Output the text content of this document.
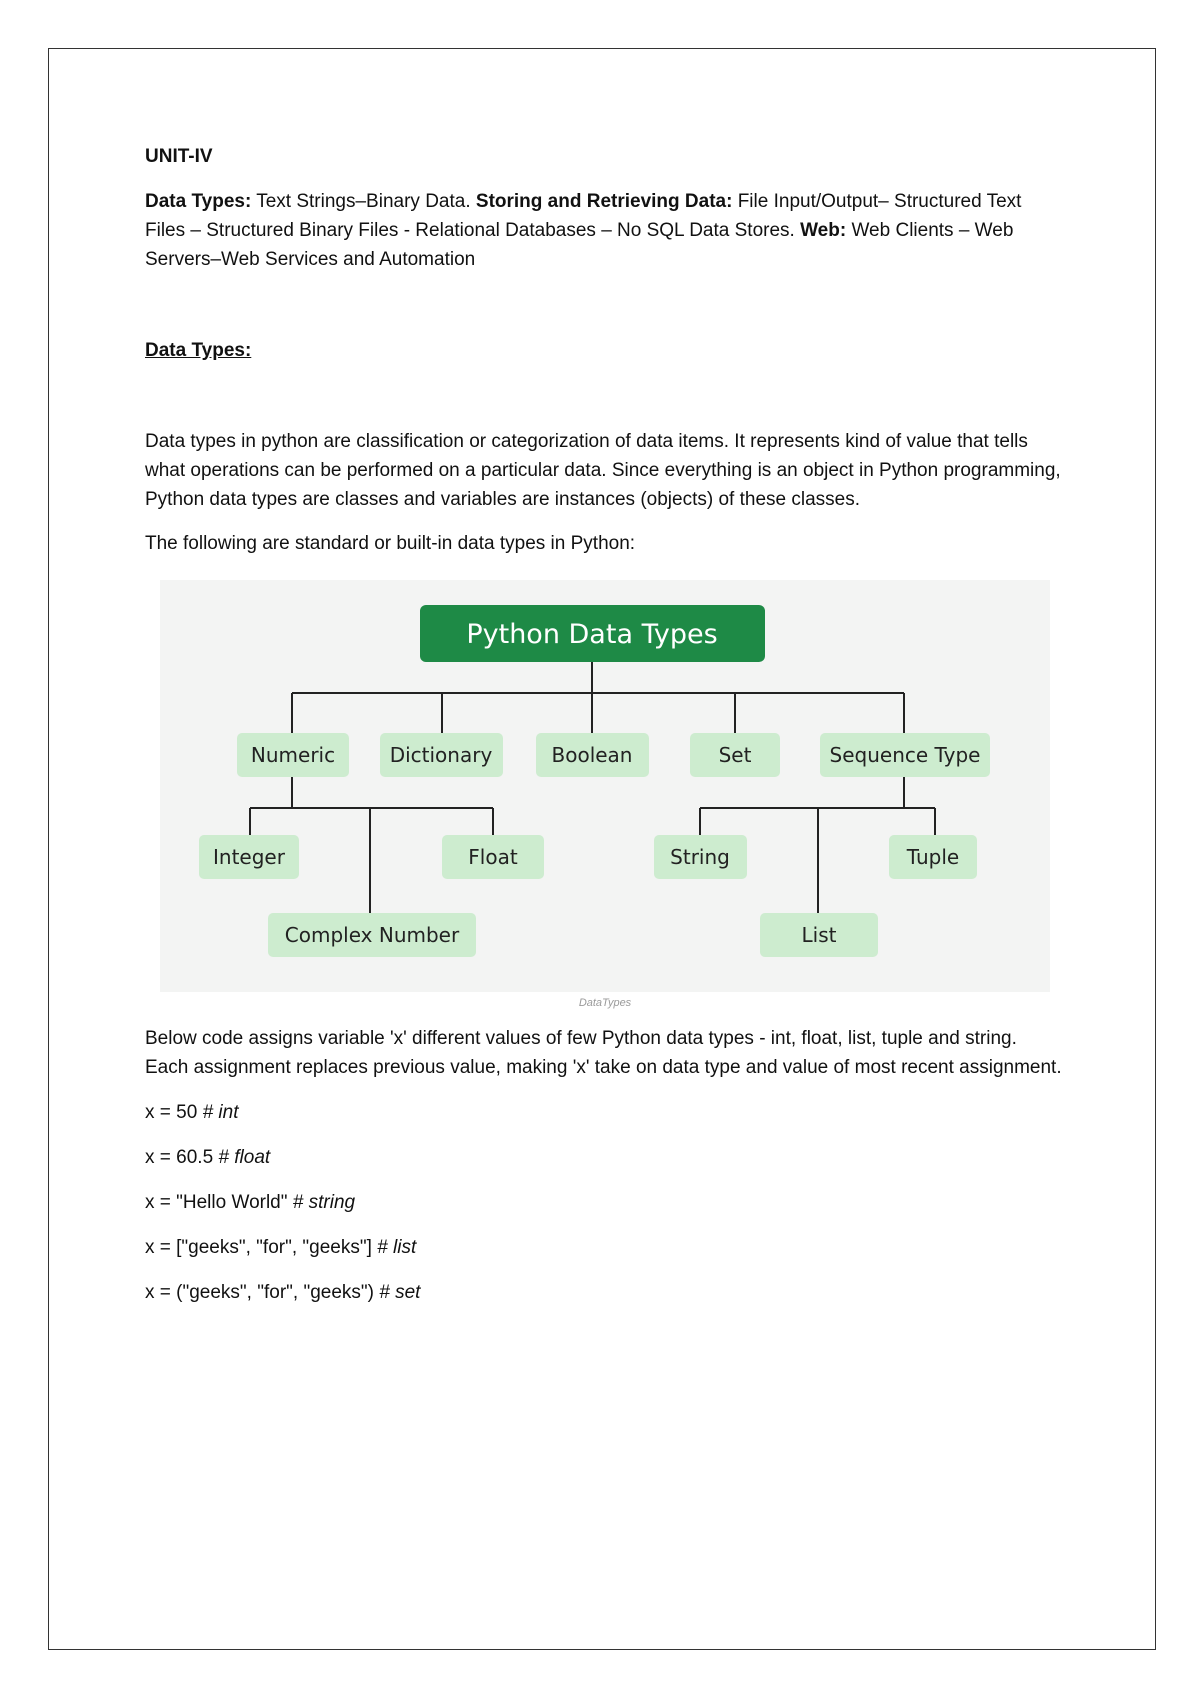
UNIT-IV

Data Types: Text Strings–Binary Data. Storing and Retrieving Data: File Input/Output– Structured Text Files – Structured Binary Files - Relational Databases – No SQL Data Stores. Web: Web Clients – Web Servers–Web Services and Automation

Data Types:

Data types in python are classification or categorization of data items. It represents kind of value that tells what operations can be performed on a particular data. Since everything is an object in Python programming, Python data types are classes and variables are instances (objects) of these classes.

The following are standard or built-in data types in Python:

Python Data Types
Numeric	Dictionary	Boolean	Set	Sequence Type
Integer	Float
Complex Number
String	Tuple
List

DataTypes

Below code assigns variable 'x' different values of few Python data types - int, float, list, tuple and string. Each assignment replaces previous value, making 'x' take on data type and value of most recent assignment.

x = 50 # int

x = 60.5 # float

x = "Hello World" # string

x = ["geeks", "for", "geeks"] # list

x = ("geeks", "for", "geeks") # set
